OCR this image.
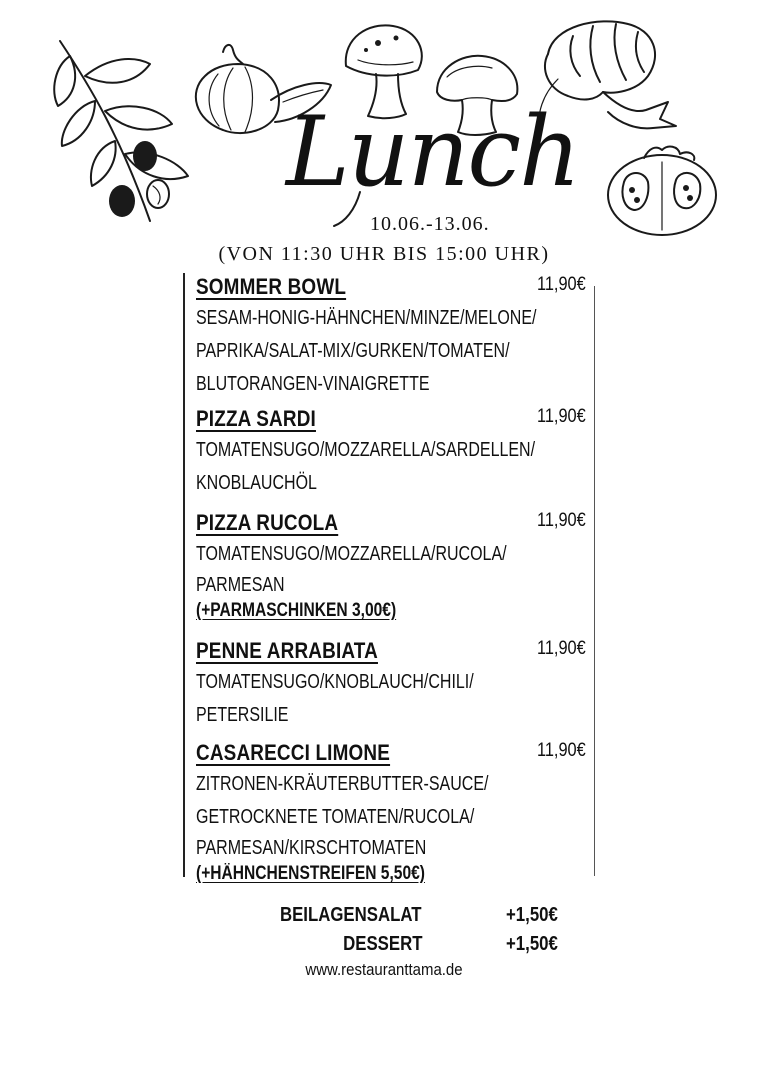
Lunch
10.06.-13.06.
(VON 11:30 UHR BIS 15:00 UHR)
SOMMER BOWL	11,90€
SESAM-HONIG-HÄHNCHEN/MINZE/MELONE/
PAPRIKA/SALAT-MIX/GURKEN/TOMATEN/
BLUTORANGEN-VINAIGRETTE
PIZZA SARDI	11,90€
TOMATENSUGO/MOZZARELLA/SARDELLEN/
KNOBLAUCHÖL
PIZZA RUCOLA	11,90€
TOMATENSUGO/MOZZARELLA/RUCOLA/
PARMESAN
(+PARMASCHINKEN 3,00€)
PENNE ARRABIATA	11,90€
TOMATENSUGO/KNOBLAUCH/CHILI/
PETERSILIE
CASARECCI LIMONE	11,90€
ZITRONEN-KRÄUTERBUTTER-SAUCE/
GETROCKNETE TOMATEN/RUCOLA/
PARMESAN/KIRSCHTOMATEN
(+HÄHNCHENSTREIFEN 5,50€)
BEILAGENSALAT	+1,50€
DESSERT	+1,50€
www.restauranttama.de
